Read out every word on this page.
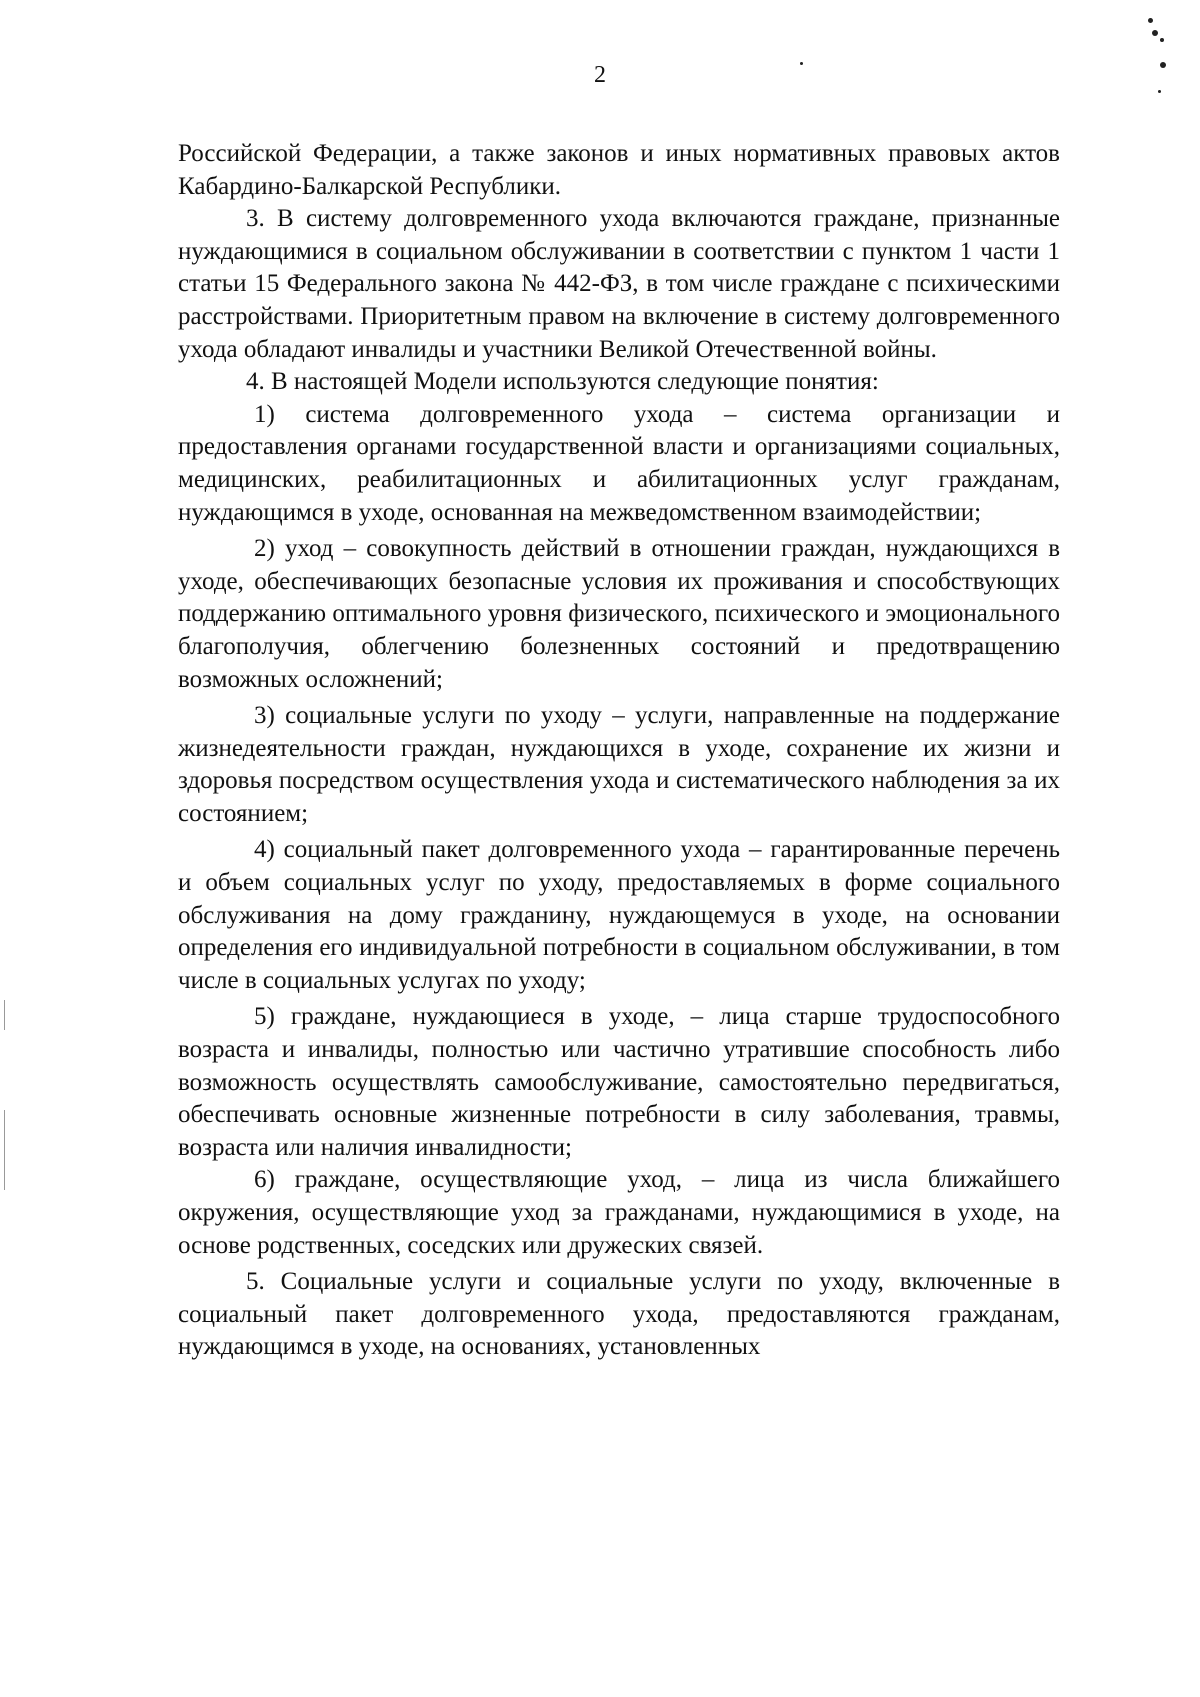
2

Российской Федерации, а также законов и иных нормативных правовых актов Кабардино-Балкарской Республики.

3. В систему долговременного ухода включаются граждане, признанные нуждающимися в социальном обслуживании в соответствии с пунктом 1 части 1 статьи 15 Федерального закона № 442-ФЗ, в том числе граждане с психическими расстройствами. Приоритетным правом на включение в систему долговременного ухода обладают инвалиды и участники Великой Отечественной войны.

4. В настоящей Модели используются следующие понятия:

1) система долговременного ухода – система организации и предоставления органами государственной власти и организациями социальных, медицинских, реабилитационных и абилитационных услуг гражданам, нуждающимся в уходе, основанная на межведомственном взаимодействии;

2) уход – совокупность действий в отношении граждан, нуждающихся в уходе, обеспечивающих безопасные условия их проживания и способствующих поддержанию оптимального уровня физического, психического и эмоционального благополучия, облегчению болезненных состояний и предотвращению возможных осложнений;

3) социальные услуги по уходу – услуги, направленные на поддержание жизнедеятельности граждан, нуждающихся в уходе, сохранение их жизни и здоровья посредством осуществления ухода и систематического наблюдения за их состоянием;

4) социальный пакет долговременного ухода – гарантированные перечень и объем социальных услуг по уходу, предоставляемых в форме социального обслуживания на дому гражданину, нуждающемуся в уходе, на основании определения его индивидуальной потребности в социальном обслуживании, в том числе в социальных услугах по уходу;

5) граждане, нуждающиеся в уходе, – лица старше трудоспособного возраста и инвалиды, полностью или частично утратившие способность либо возможность осуществлять самообслуживание, самостоятельно передвигаться, обеспечивать основные жизненные потребности в силу заболевания, травмы, возраста или наличия инвалидности;

6) граждане, осуществляющие уход, – лица из числа ближайшего окружения, осуществляющие уход за гражданами, нуждающимися в уходе, на основе родственных, соседских или дружеских связей.

5. Социальные услуги и социальные услуги по уходу, включенные в социальный пакет долговременного ухода, предоставляются гражданам, нуждающимся в уходе, на основаниях, установленных
